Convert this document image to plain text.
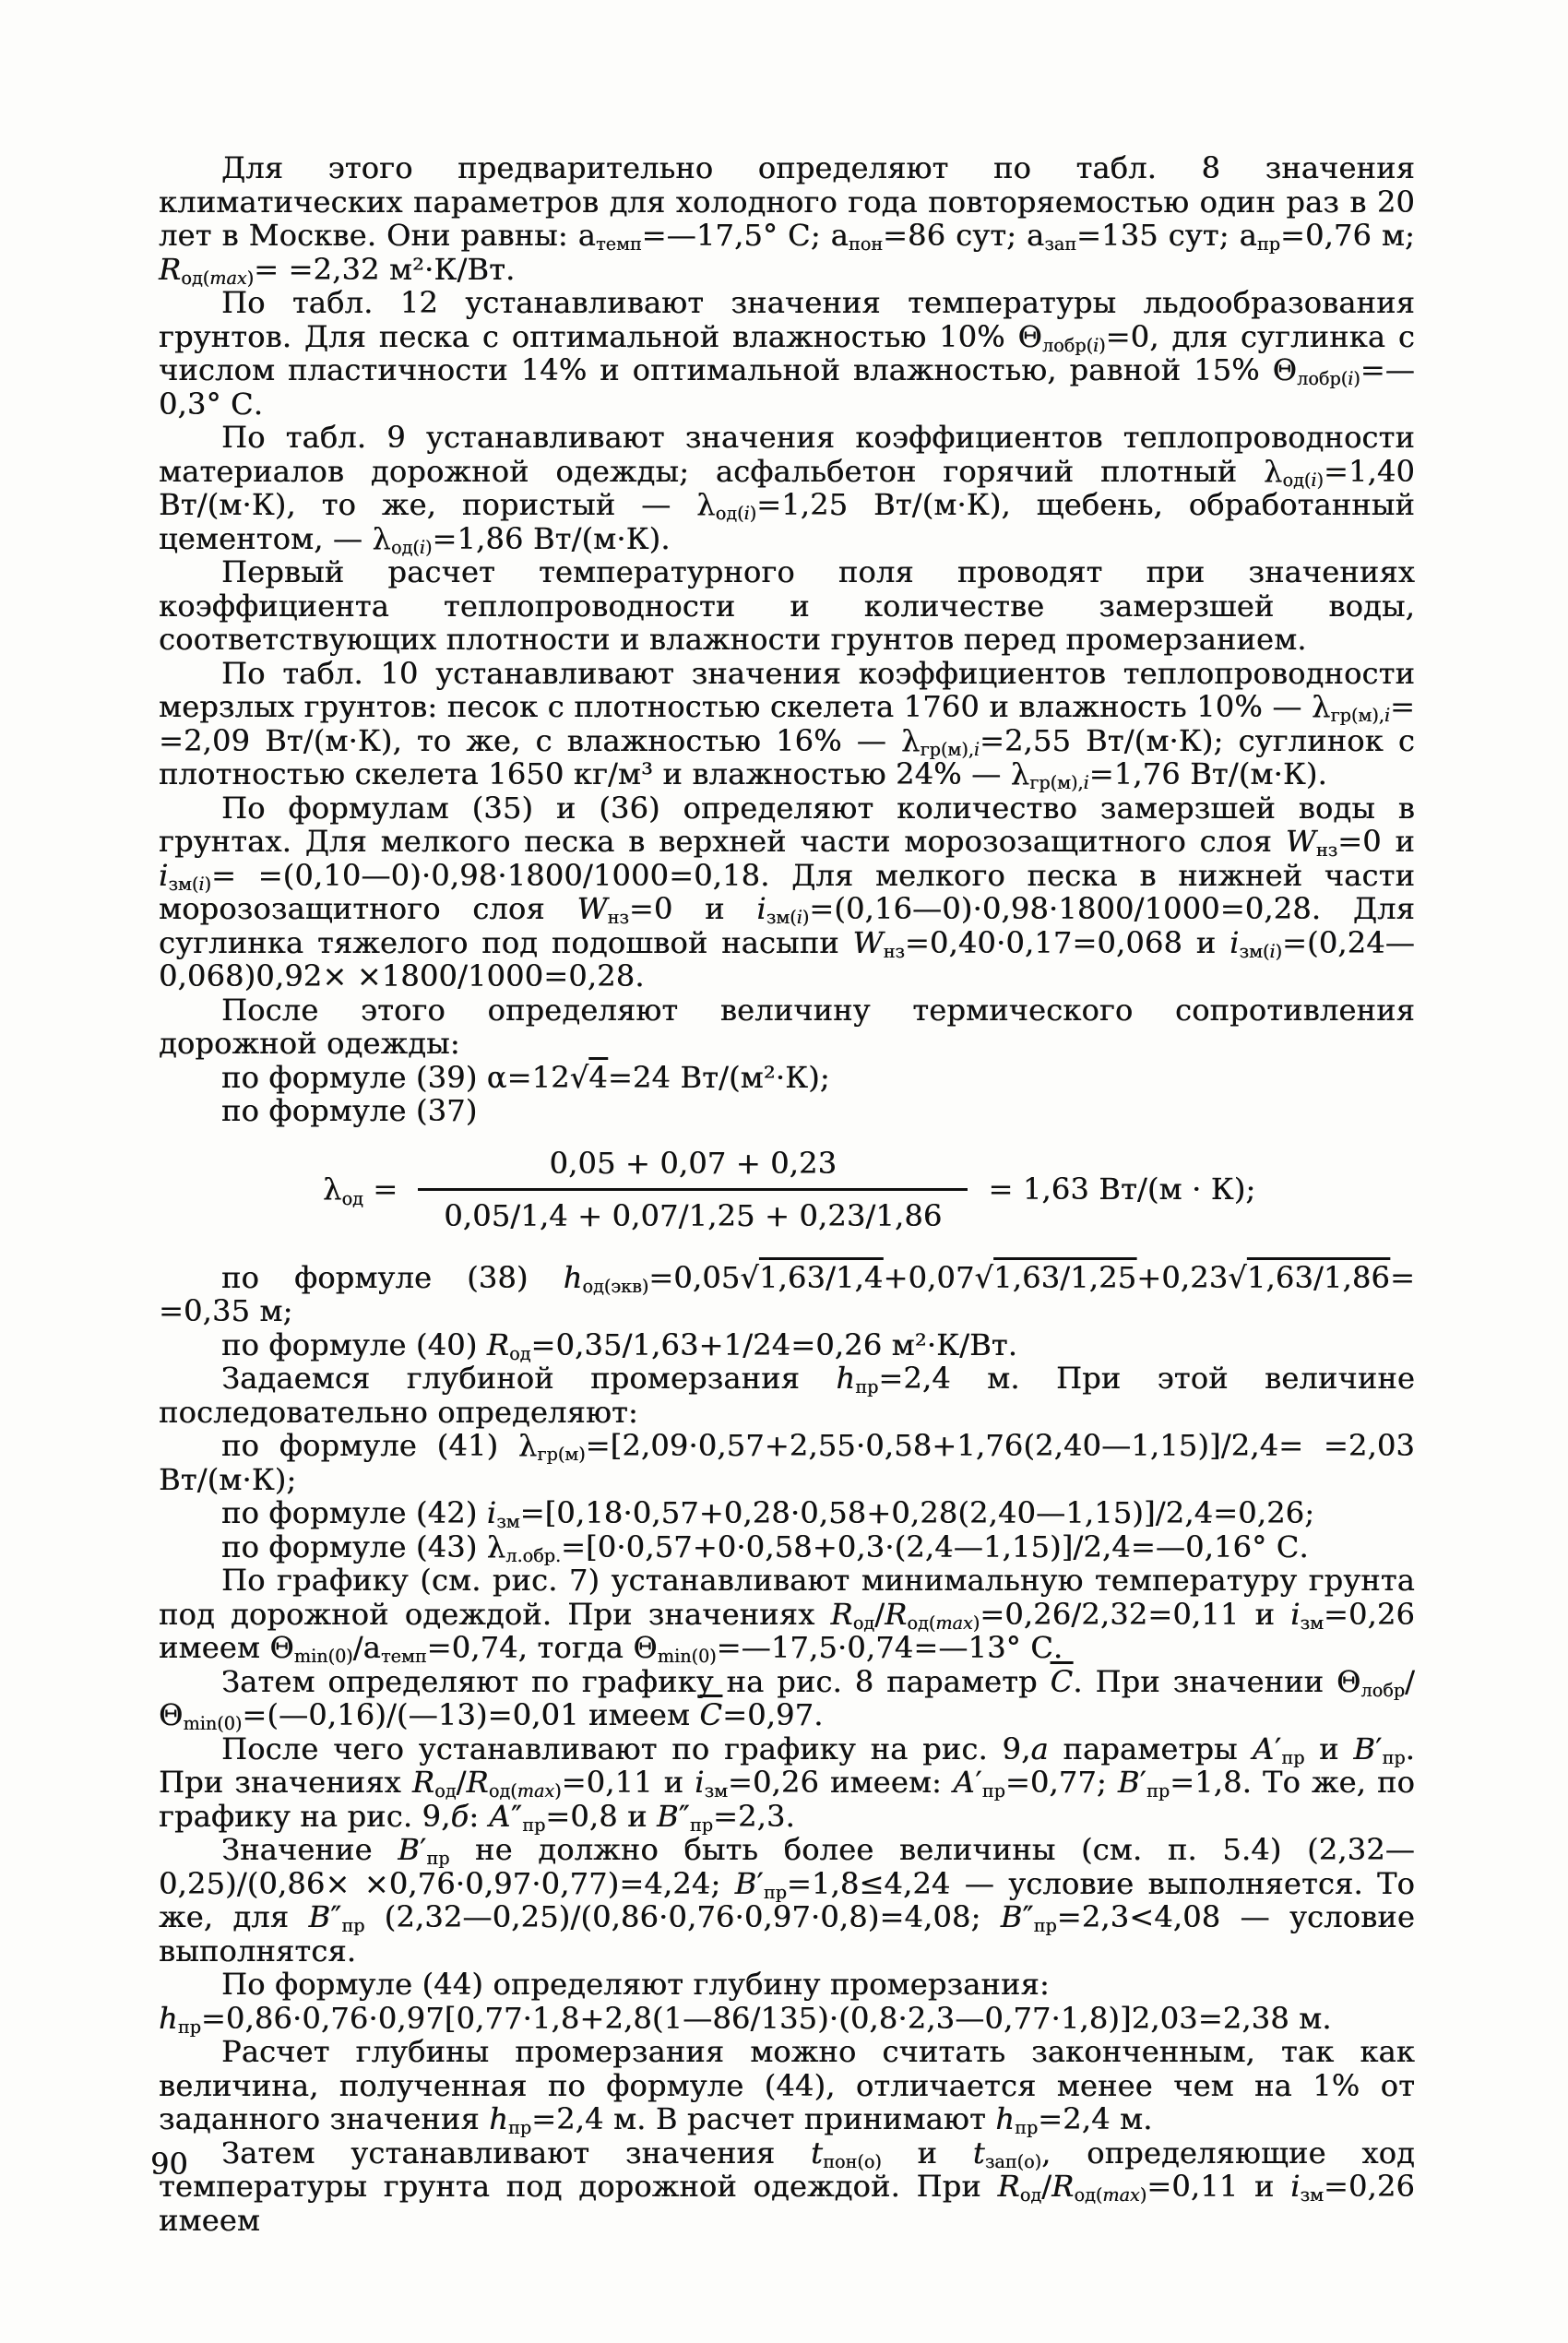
Для этого предварительно определяют по табл. 8 значения климатических параметров для холодного года повторяемостью один раз в 20 лет в Москве. Они равны: $а_{темп}=—17,5^\circ$ С; $а_{пон}=86$ сут; $а_{зап}=135$ сут; $а_{пр}=0,76$ м; $R_{од(max)}= =2,32$ м²·К/Вт.

По табл. 12 устанавливают значения температуры льдообразования грунтов. Для песка с оптимальной влажностью 10% $\Theta_{лобр(i)}=0$, для суглинка с числом пластичности 14% и оптимальной влажностью, равной 15% $\Theta_{лобр(i)}=—0,3^\circ$ С.

По табл. 9 устанавливают значения коэффициентов теплопроводности материалов дорожной одежды; асфальбетон горячий плотный $\lambda_{од(i)}=1,40$ Вт/(м·К), то же, пористый — $\lambda_{од(i)}=1,25$ Вт/(м·К), щебень, обработанный цементом, — $\lambda_{од(i)}=1,86$ Вт/(м·К).

Первый расчет температурного поля проводят при значениях коэффициента теплопроводности и количестве замерзшей воды, соответствующих плотности и влажности грунтов перед промерзанием.

По табл. 10 устанавливают значения коэффициентов теплопроводности мерзлых грунтов: песок с плотностью скелета 1760 и влажность 10% — $\lambda_{гр(м),i}= =2,09$ Вт/(м·К), то же, с влажностью 16% — $\lambda_{гр(м),i}=2,55$ Вт/(м·К); суглинок с плотностью скелета 1650 кг/м³ и влажностью 24% — $\lambda_{гр(м),i}=1,76$ Вт/(м·К).

По формулам (35) и (36) определяют количество замерзшей воды в грунтах. Для мелкого песка в верхней части морозозащитного слоя $W_{нз}=0$ и $i_{зм(i)}=$ =(0,10—0)·0,98·1800/1000=0,18. Для мелкого песка в нижней части морозозащитного слоя $W_{нз}=0$ и $i_{зм(i)}=(0,16—0)\cdot 0,98\cdot 1800/1000=0,28$. Для суглинка тяжелого под подошвой насыпи $W_{нз}=0,40\cdot 0,17=0,068$ и $i_{зм(i)}=(0,24—0,068)0,92\times \times 1800/1000=0,28$.

После этого определяют величину термического сопротивления дорожной одежды:

по формуле (39) α=12√4=24 Вт/(м²·К);

по формуле (37)

$\lambda_{од} = \frac{0,05 + 0,07 + 0,23}{0,05/1,4 + 0,07/1,25 + 0,23/1,86} = 1,63$ Вт/(м · К);

по формуле (38) $h_{од(экв)}=0,05√1,63/1,4+0,07√1,63/1,25+0,23√1,63/1,86= =0,35$ м;

по формуле (40) $R_{од}=0,35/1,63+1/24=0,26$ м²·К/Вт.

Задаемся глубиной промерзания $h_{пр}=2,4$ м. При этой величине последовательно определяют:

по формуле (41) $\lambda_{гр(м)}=[2,09\cdot 0,57+2,55\cdot 0,58+1,76(2,40—1,15)]/2,4= =2,03$ Вт/(м·К);

по формуле (42) $i_{зм}=[0,18\cdot 0,57+0,28\cdot 0,58+0,28(2,40—1,15)]/2,4=0,26$;

по формуле (43) $\lambda_{л.обр.}=[0\cdot 0,57+0\cdot 0,58+0,3\cdot(2,4—1,15)]/2,4=—0,16^\circ$ С.

По графику (см. рис. 7) устанавливают минимальную температуру грунта под дорожной одеждой. При значениях $R_{од}/R_{од(max)}=0,26/2,32=0,11$ и $i_{зм}=0,26$ имеем $\Theta_{min(0)}/а_{темп}=0,74$, тогда $\Theta_{min(0)}=—17,5\cdot 0,74=—13^\circ$ С.

Затем определяют по графику на рис. 8 параметр $\overline{C}$. При значении $\Theta_{лобр}/\Theta_{min(0)}=(—0,16)/(—13)=0,01$ имеем $\overline{C}=0,97$.

После чего устанавливают по графику на рис. 9,а параметры $А'_{пр}$ и $В'_{пр}$. При значениях $R_{од}/R_{од(max)}=0,11$ и $i_{зм}=0,26$ имеем: $А'_{пр}=0,77$; $В'_{пр}=1,8$. То же, по графику на рис. 9,б: $А''_{пр}=0,8$ и $В''_{пр}=2,3$.

Значение $В'_{пр}$ не должно быть более величины (см. п. 5.4) (2,32—0,25)/(0,86× ×0,76·0,97·0,77)=4,24; $В'_{пр}=1,8\le 4,24$ — условие выполняется. То же, для $В''_{пр}$ (2,32—0,25)/(0,86·0,76·0,97·0,8)=4,08; $В''_{пр}=2,3<4,08$ — условие выполнятся.

По формуле (44) определяют глубину промерзания:

$h_{пр}=0,86\cdot 0,76\cdot 0,97[0,77\cdot 1,8+2,8(1—86/135)\cdot(0,8\cdot 2,3—0,77\cdot 1,8)]2,03=2,38$ м.

Расчет глубины промерзания можно считать законченным, так как величина, полученная по формуле (44), отличается менее чем на 1% от заданного значения $h_{пр}=2,4$ м. В расчет принимают $h_{пр}=2,4$ м.

Затем устанавливают значения $t_{пон(о)}$ и $t_{зап(о)}$, определяющие ход температуры грунта под дорожной одеждой. При $R_{од}/R_{од(max)}=0,11$ и $i_{зм}=0,26$ имеем

90
